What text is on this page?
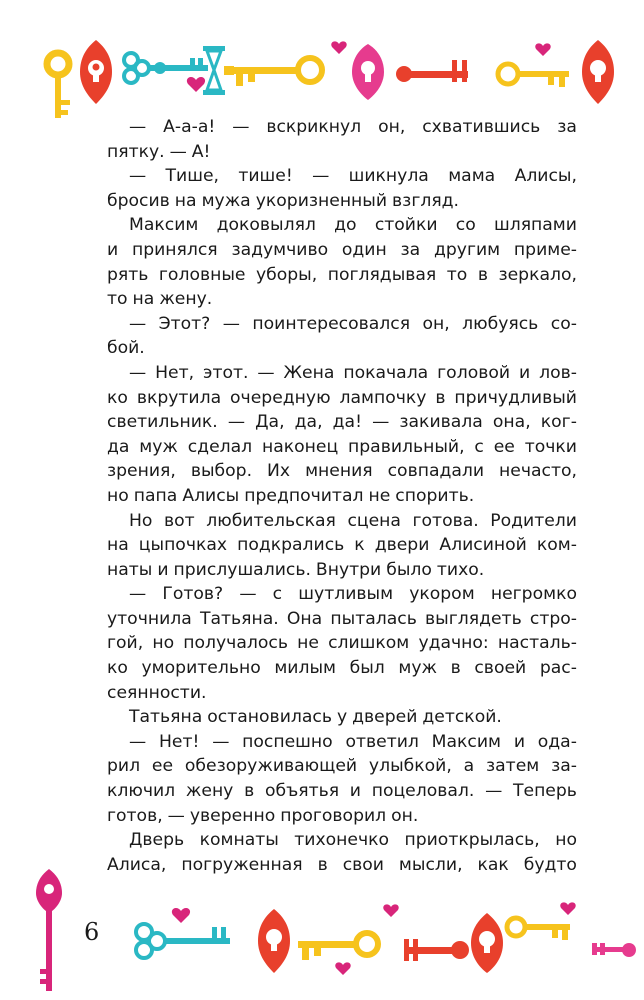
— А-а-а! — вскрикнул он, схватившись за
пятку. — А!
— Тише, тише! — шикнула мама Алисы,
бросив на мужа укоризненный взгляд.
Максим доковылял до стойки со шляпами
и принялся задумчиво один за другим приме-
рять головные уборы, поглядывая то в зеркало,
то на жену.
— Этот? — поинтересовался он, любуясь со-
бой.
— Нет, этот. — Жена покачала головой и лов-
ко вкрутила очередную лампочку в причудливый
светильник. — Да, да, да! — закивала она, ког-
да муж сделал наконец правильный, с ее точки
зрения, выбор. Их мнения совпадали нечасто,
но папа Алисы предпочитал не спорить.
Но вот любительская сцена готова. Родители
на цыпочках подкрались к двери Алисиной ком-
наты и прислушались. Внутри было тихо.
— Готов? — с шутливым укором негромко
уточнила Татьяна. Она пыталась выглядеть стро-
гой, но получалось не слишком удачно: насталь-
ко уморительно милым был муж в своей рас-
сеянности.
Татьяна остановилась у дверей детской.
— Нет! — поспешно ответил Максим и ода-
рил ее обезоруживающей улыбкой, а затем за-
ключил жену в объятья и поцеловал. — Теперь
готов, — уверенно проговорил он.
Дверь комнаты тихонечко приоткрылась, но
Алиса, погруженная в свои мысли, как будто
6
